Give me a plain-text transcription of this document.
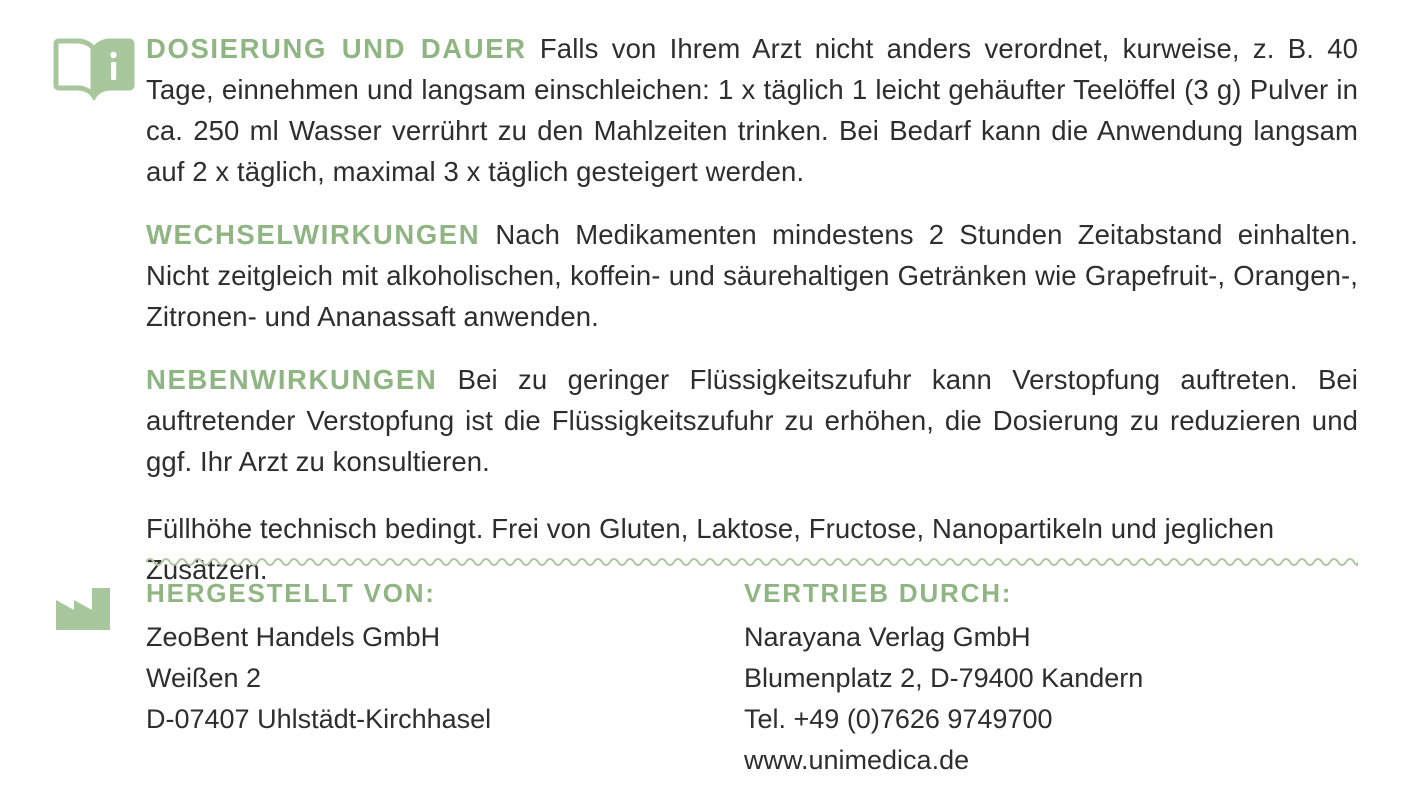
DOSIERUNG UND DAUER Falls von Ihrem Arzt nicht anders verordnet, kurweise, z. B. 40 Tage, einnehmen und langsam einschleichen: 1 x täglich 1 leicht gehäufter Teelöffel (3 g) Pulver in ca. 250 ml Wasser verrührt zu den Mahlzeiten trinken. Bei Bedarf kann die Anwendung langsam auf 2 x täglich, maximal 3 x täglich gesteigert werden.

WECHSELWIRKUNGEN Nach Medikamenten mindestens 2 Stunden Zeitabstand einhalten. Nicht zeitgleich mit alkoholischen, koffein- und säurehaltigen Getränken wie Grapefruit-, Orangen-, Zitronen- und Ananassaft anwenden.

NEBENWIRKUNGEN Bei zu geringer Flüssigkeitszufuhr kann Verstopfung auftreten. Bei auftretender Verstopfung ist die Flüssigkeitszufuhr zu erhöhen, die Dosierung zu reduzieren und ggf. Ihr Arzt zu konsultieren.

Füllhöhe technisch bedingt. Frei von Gluten, Laktose, Fructose, Nanopartikeln und jeglichen Zusätzen.

HERGESTELLT VON:

ZeoBent Handels GmbH

Weißen 2

D-07407 Uhlstädt-Kirchhasel

VERTRIEB DURCH:

Narayana Verlag GmbH

Blumenplatz 2, D-79400 Kandern

Tel. +49 (0)7626 9749700

www.unimedica.de
